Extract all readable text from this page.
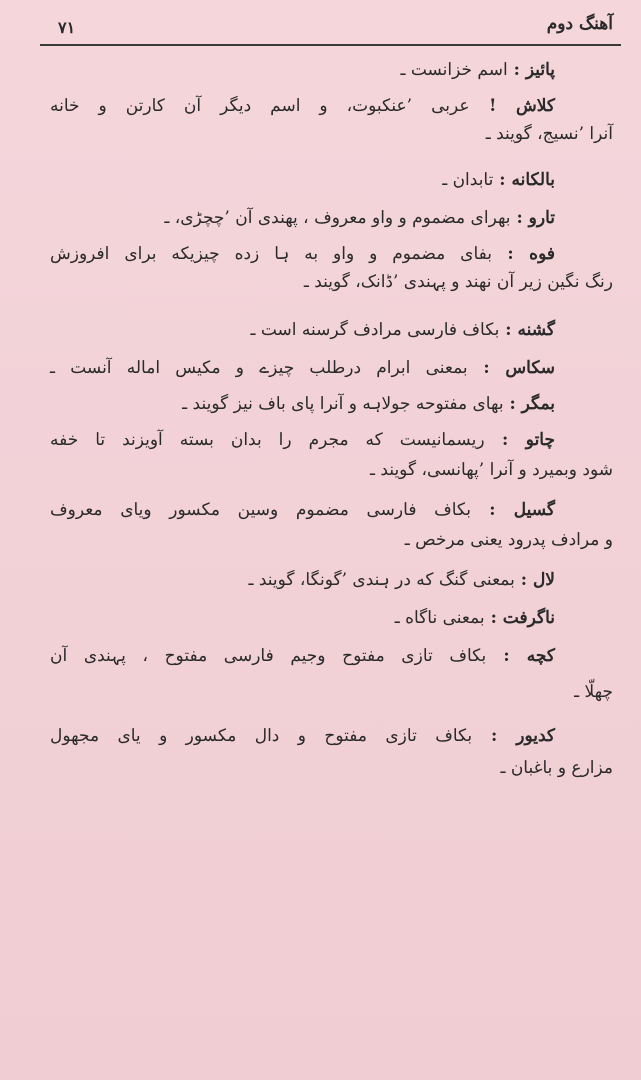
آهنگ دوم
۷۱
پائیز : اسم خزانست ـ
کلاش ! عربی ’عنکبوت، و اسم دیگر آن کارتن و خانه
آنرا ’نسیج، گویند ـ
بالکانه : تابدان ـ
تارو : بهرای مضموم و واو معروف ، پهندی آن ’چچڑی، ـ
فوه : بفای مضموم و واو به ہا زده چیزیکه برای افروزش
رنگ نگین زیر آن نهند و پہندی ’ڈانک، گویند ـ
گشنه : بکاف فارسی مرادف گرسنه است ـ
سکاس : بمعنی ابرام درطلب چیزے و مکیس اماله آنست ـ
بمگر : بهای مفتوحه جولاہه و آنرا پای باف نیز گویند ـ
چاتو : ریسمانیست که مجرم را بدان بسته آویزند تا خفه
شود وبمیرد و آنرا ’پهانسی، گویند ـ
گسیل : بکاف فارسی مضموم وسین مکسور ویای معروف
و مرادف پدرود یعنی مرخص ـ
لال : بمعنی گنگ که در ہندی ’گونگا، گویند ـ
ناگرفت : بمعنی ناگاه ـ
کچه : بکاف تازی مفتوح وجیم فارسی مفتوح ، پہندی آن
چهلّا ـ
کدیور : بکاف تازی مفتوح و دال مکسور و یای مجهول
مزارع و باغبان ـ
